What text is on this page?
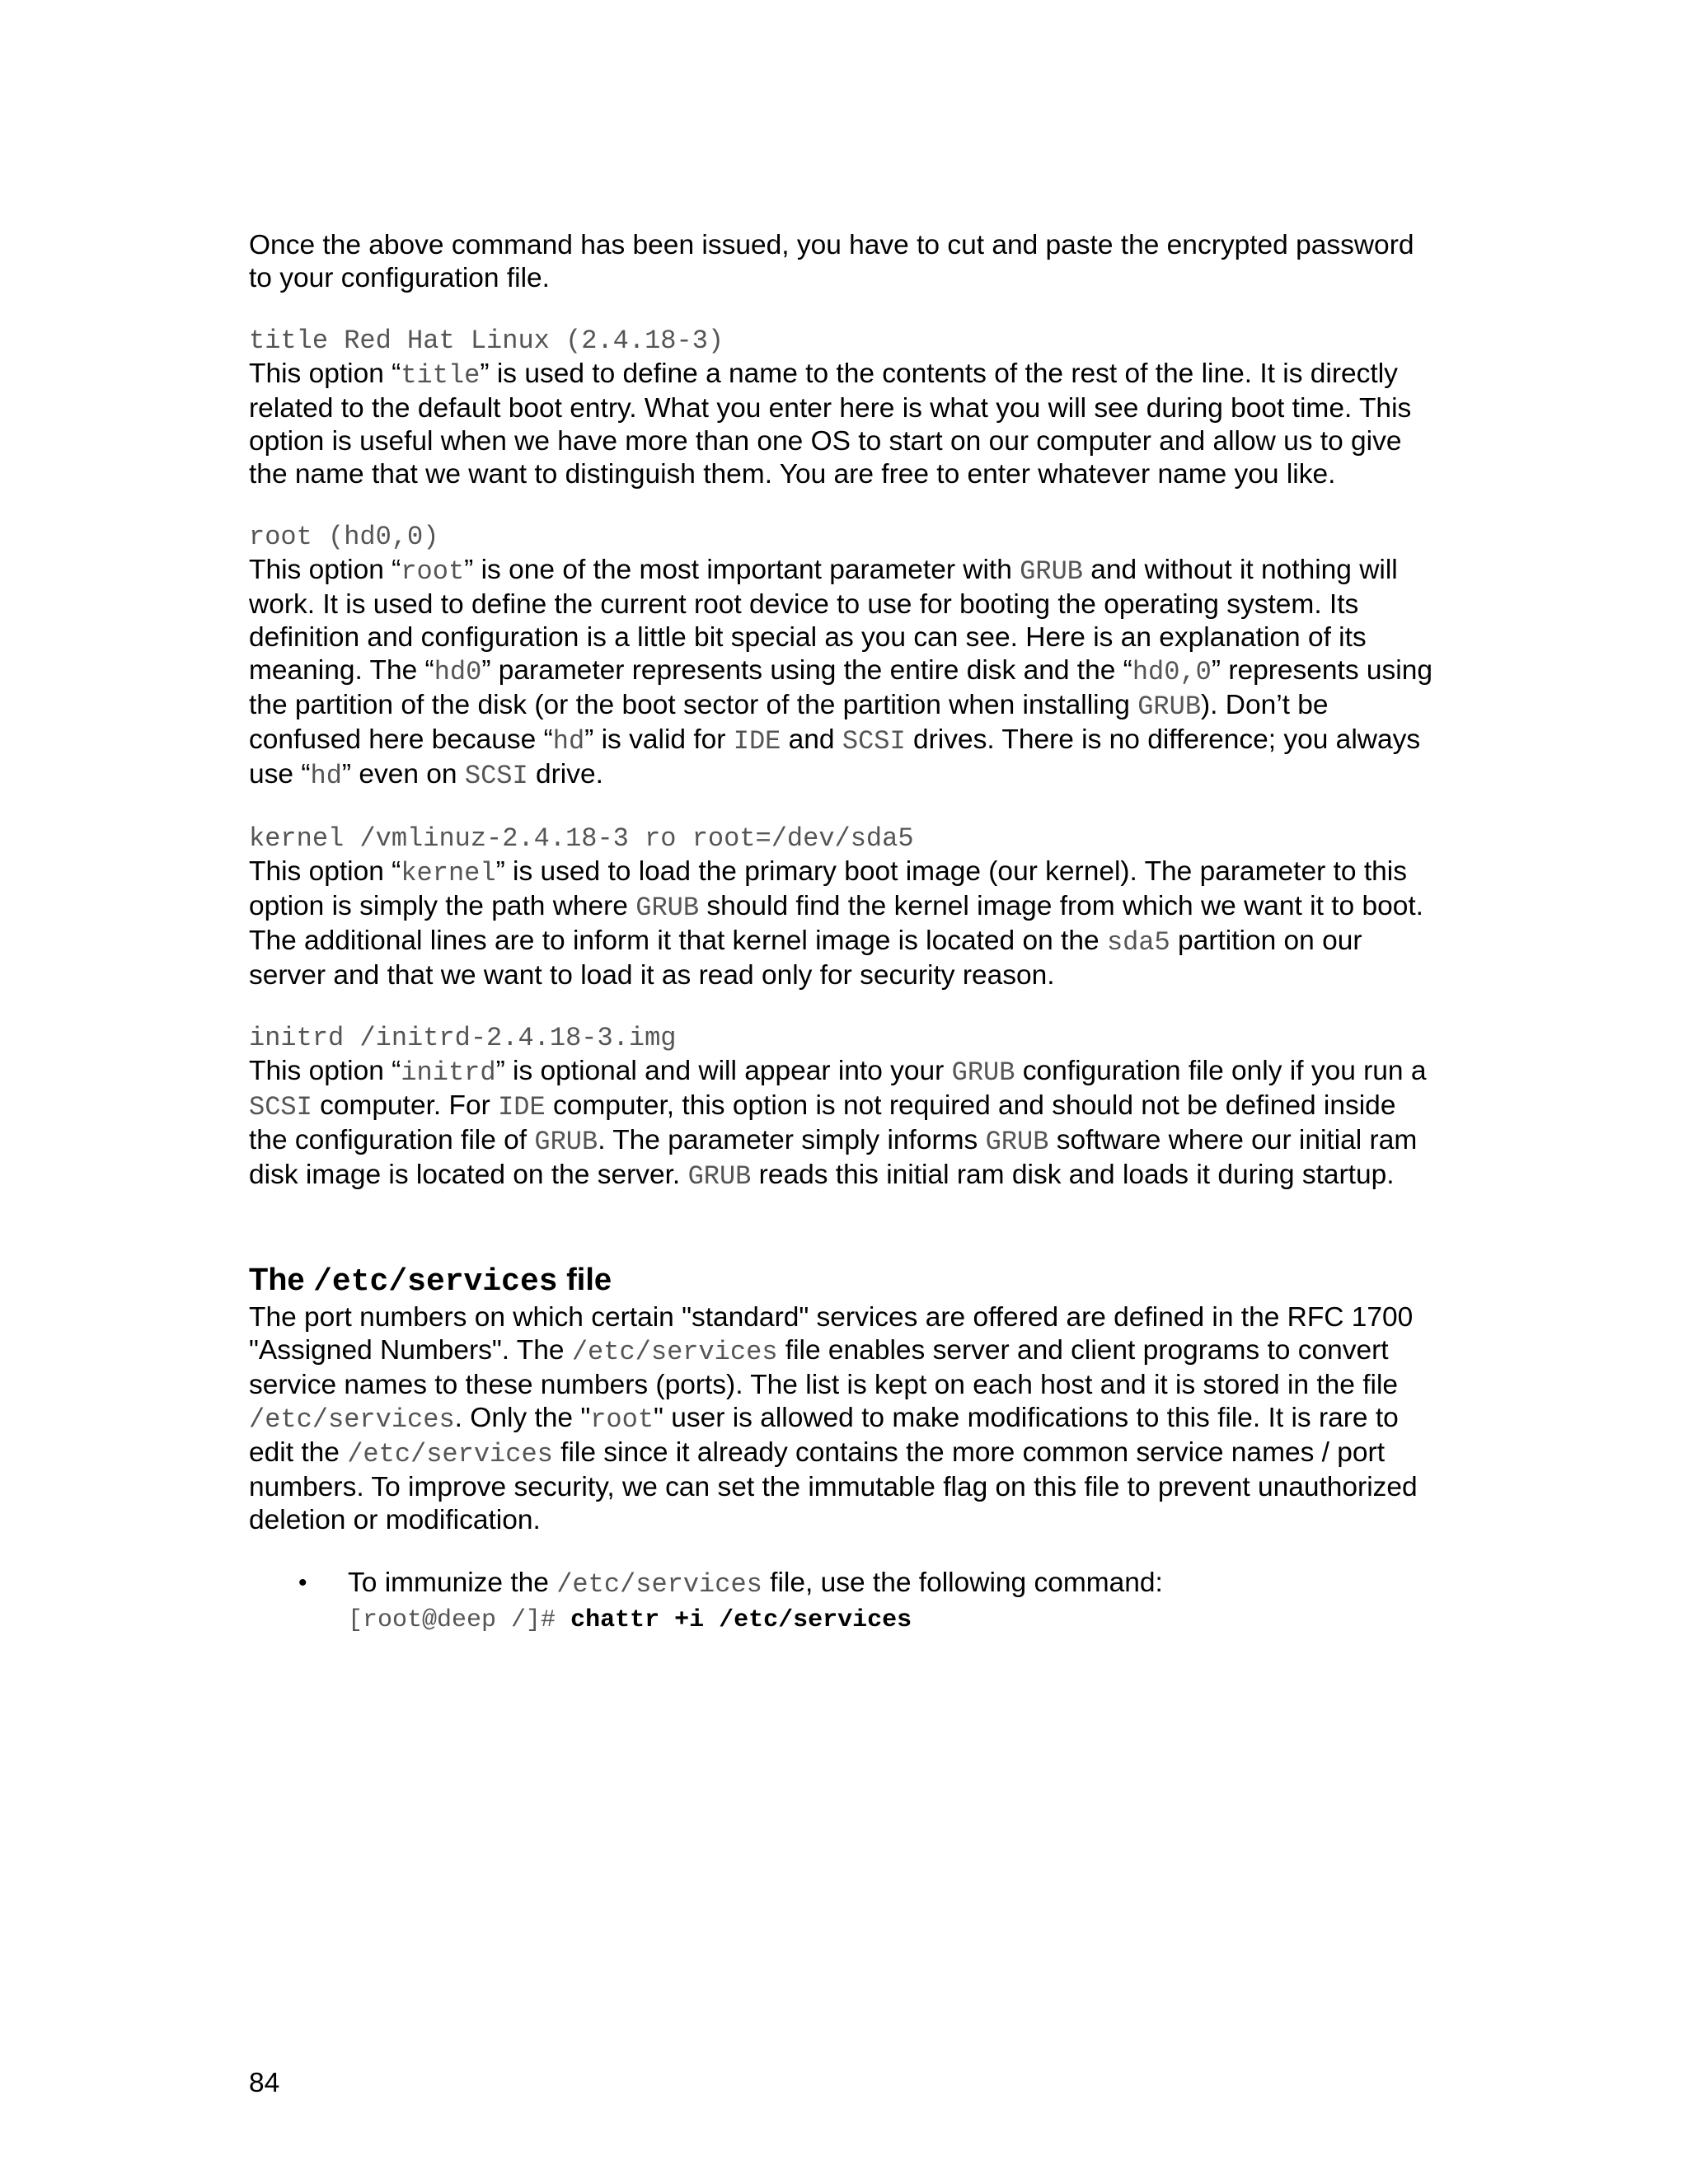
Once the above command has been issued, you have to cut and paste the encrypted password
to your configuration file.

title Red Hat Linux (2.4.18-3)

This option “title” is used to define a name to the contents of the rest of the line. It is directly
related to the default boot entry. What you enter here is what you will see during boot time. This
option is useful when we have more than one OS to start on our computer and allow us to give
the name that we want to distinguish them. You are free to enter whatever name you like.

root (hd0,0)

This option “root” is one of the most important parameter with GRUB and without it nothing will
work. It is used to define the current root device to use for booting the operating system. Its
definition and configuration is a little bit special as you can see. Here is an explanation of its
meaning. The “hd0” parameter represents using the entire disk and the “hd0,0” represents using
the partition of the disk (or the boot sector of the partition when installing GRUB). Don’t be
confused here because “hd” is valid for IDE and SCSI drives. There is no difference; you always
use “hd” even on SCSI drive.

kernel /vmlinuz-2.4.18-3 ro root=/dev/sda5

This option “kernel” is used to load the primary boot image (our kernel). The parameter to this
option is simply the path where GRUB should find the kernel image from which we want it to boot.
The additional lines are to inform it that kernel image is located on the sda5 partition on our
server and that we want to load it as read only for security reason.

initrd /initrd-2.4.18-3.img

This option “initrd” is optional and will appear into your GRUB configuration file only if you run a
SCSI computer. For IDE computer, this option is not required and should not be defined inside
the configuration file of GRUB. The parameter simply informs GRUB software where our initial ram
disk image is located on the server. GRUB reads this initial ram disk and loads it during startup.

The /etc/services file

The port numbers on which certain "standard" services are offered are defined in the RFC 1700
"Assigned Numbers". The /etc/services file enables server and client programs to convert
service names to these numbers (ports). The list is kept on each host and it is stored in the file
/etc/services. Only the "root" user is allowed to make modifications to this file. It is rare to
edit the /etc/services file since it already contains the more common service names / port
numbers. To improve security, we can set the immutable flag on this file to prevent unauthorized
deletion or modification.

• To immunize the /etc/services file, use the following command:
[root@deep /]# chattr +i /etc/services
84
